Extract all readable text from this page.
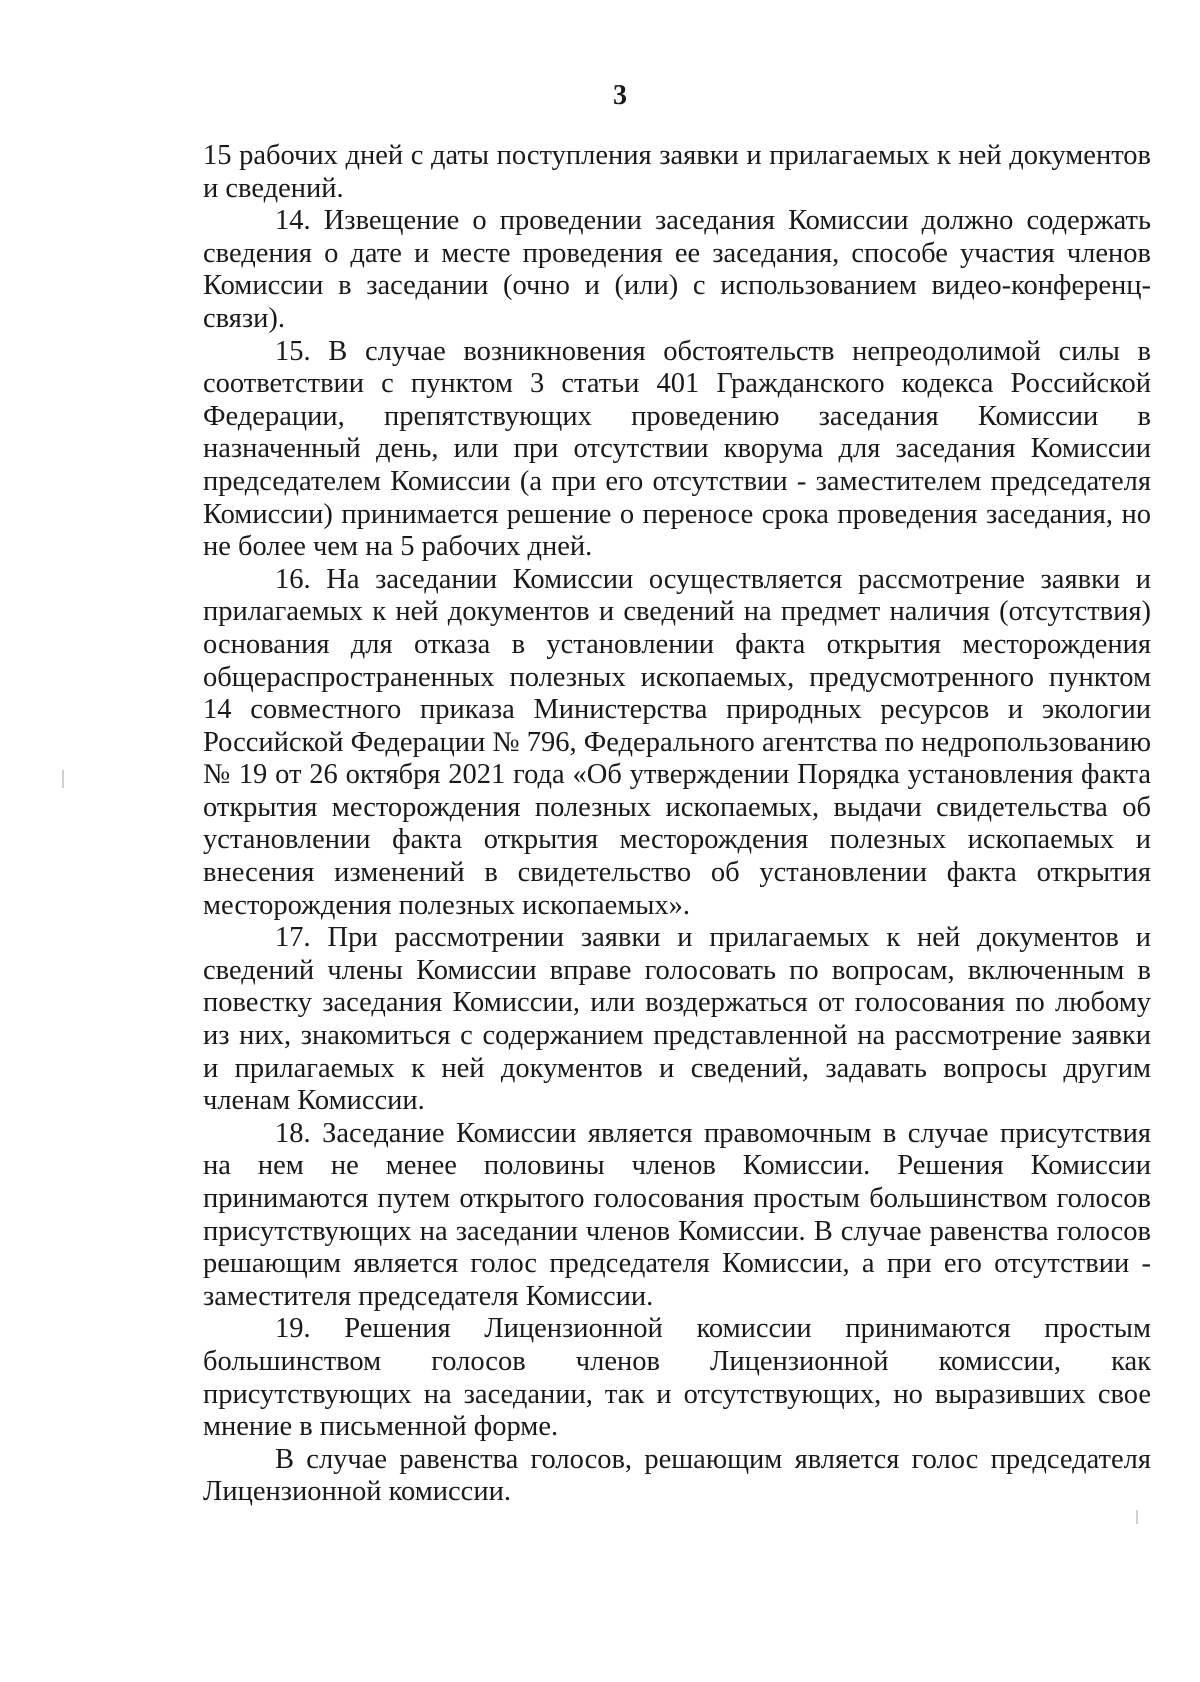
3

15 рабочих дней с даты поступления заявки и прилагаемых к ней документов и сведений.

14. Извещение о проведении заседания Комиссии должно содержать сведения о дате и месте проведения ее заседания, способе участия членов Комиссии в заседании (очно и (или) с использованием видео-конференц-связи).

15. В случае возникновения обстоятельств непреодолимой силы в соответствии с пунктом 3 статьи 401 Гражданского кодекса Российской Федерации, препятствующих проведению заседания Комиссии в назначенный день, или при отсутствии кворума для заседания Комиссии председателем Комиссии (а при его отсутствии - заместителем председателя Комиссии) принимается решение о переносе срока проведения заседания, но не более чем на 5 рабочих дней.

16. На заседании Комиссии осуществляется рассмотрение заявки и прилагаемых к ней документов и сведений на предмет наличия (отсутствия) основания для отказа в установлении факта открытия месторождения общераспространенных полезных ископаемых, предусмотренного пунктом 14 совместного приказа Министерства природных ресурсов и экологии Российской Федерации № 796, Федерального агентства по недропользованию № 19 от 26 октября 2021 года «Об утверждении Порядка установления факта открытия месторождения полезных ископаемых, выдачи свидетельства об установлении факта открытия месторождения полезных ископаемых и внесения изменений в свидетельство об установлении факта открытия месторождения полезных ископаемых».

17. При рассмотрении заявки и прилагаемых к ней документов и сведений члены Комиссии вправе голосовать по вопросам, включенным в повестку заседания Комиссии, или воздержаться от голосования по любому из них, знакомиться с содержанием представленной на рассмотрение заявки и прилагаемых к ней документов и сведений, задавать вопросы другим членам Комиссии.

18. Заседание Комиссии является правомочным в случае присутствия на нем не менее половины членов Комиссии. Решения Комиссии принимаются путем открытого голосования простым большинством голосов присутствующих на заседании членов Комиссии. В случае равенства голосов решающим является голос председателя Комиссии, а при его отсутствии - заместителя председателя Комиссии.

19. Решения Лицензионной комиссии принимаются простым большинством голосов членов Лицензионной комиссии, как присутствующих на заседании, так и отсутствующих, но выразивших свое мнение в письменной форме.

В случае равенства голосов, решающим является голос председателя Лицензионной комиссии.
